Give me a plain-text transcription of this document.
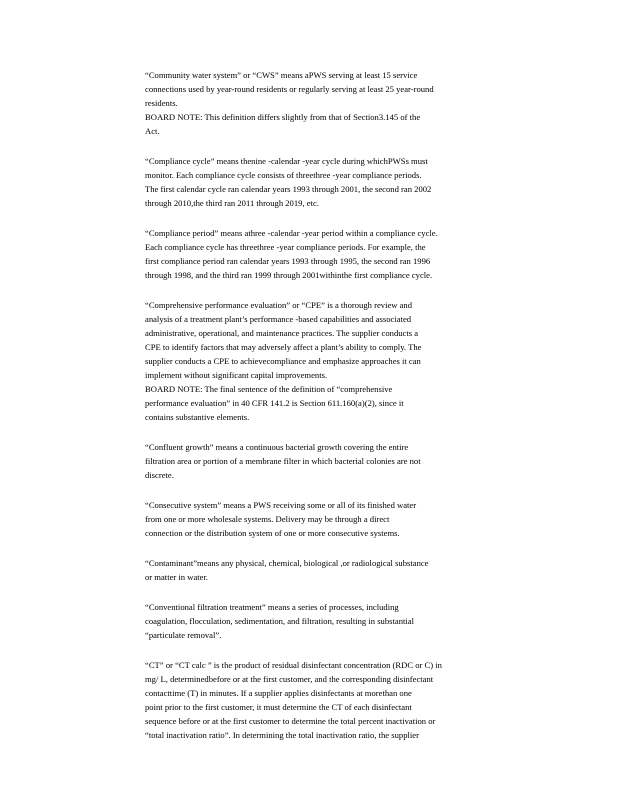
“Community water system” or “CWS” means aPWS serving at least 15 service
connections used by year-round residents or regularly serving at least 25 year-round
residents.
BOARD NOTE: This definition differs slightly from that of Section3.145 of the
Act.
“Compliance cycle” means thenine -calendar -year cycle during whichPWSs must
monitor. Each compliance cycle consists of threethree -year compliance periods.
The first calendar cycle ran calendar years 1993 through 2001, the second ran 2002
through 2010,the third ran 2011 through 2019, etc.
“Compliance period” means athree -calendar -year period within a compliance cycle.
Each compliance cycle has threethree -year compliance periods. For example, the
first compliance period ran calendar years 1993 through 1995, the second ran 1996
through 1998, and the third ran 1999 through 2001withinthe first compliance cycle.
“Comprehensive performance evaluation” or “CPE” is a thorough review and
analysis of a treatment plant’s performance -based capabilities and associated
administrative, operational, and maintenance practices. The supplier conducts a
CPE to identify factors that may adversely affect a plant’s ability to comply. The
supplier conducts a CPE to achievecompliance and emphasize approaches it can
implement without significant capital improvements.
BOARD NOTE: The final sentence of the definition of “comprehensive
performance evaluation” in 40 CFR 141.2 is Section 611.160(a)(2), since it
contains substantive elements.
“Confluent growth” means a continuous bacterial growth covering the entire
filtration area or portion of a membrane filter in which bacterial colonies are not
discrete.
“Consecutive system” means a PWS receiving some or all of its finished water
from one or more wholesale systems. Delivery may be through a direct
connection or the distribution system of one or more consecutive systems.
“Contaminant”means any physical, chemical, biological ,or radiological substance
or matter in water.
“Conventional filtration treatment” means a series of processes, including
coagulation, flocculation, sedimentation, and filtration, resulting in substantial
“particulate removal”.
“CT” or “CT calc ” is the product of residual disinfectant concentration (RDC or C) in
mg/ L, determinedbefore or at the first customer, and the corresponding disinfectant
contacttime (T) in minutes. If a supplier applies disinfectants at morethan one
point prior to the first customer, it must determine the CT of each disinfectant
sequence before or at the first customer to determine the total percent inactivation or
“total inactivation ratio”. In determining the total inactivation ratio, the supplier
